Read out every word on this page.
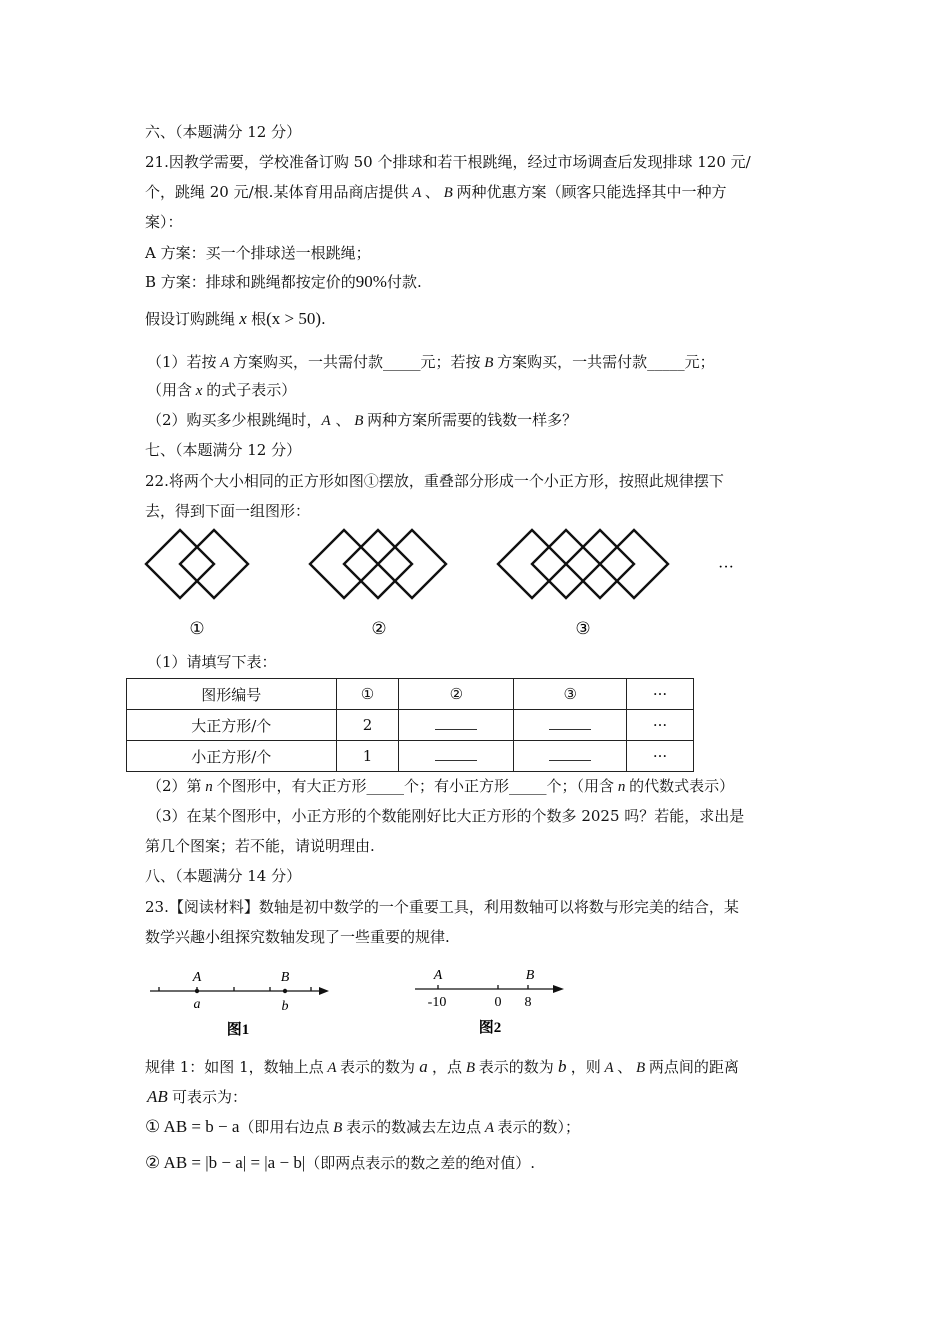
六、（本题满分 12 分）
21.因教学需要，学校准备订购 50 个排球和若干根跳绳，经过市场调查后发现排球 120 元/
个，跳绳 20 元/根.某体育用品商店提供 A 、 B 两种优惠方案（顾客只能选择其中一种方
案）：
A 方案：买一个排球送一根跳绳；
B 方案：排球和跳绳都按定价的90%付款.
假设订购跳绳 x 根(x > 50).
（1）若按 A 方案购买，一共需付款_____元；若按 B 方案购买，一共需付款_____元；
（用含 x 的式子表示）
（2）购买多少根跳绳时，A 、 B 两种方案所需要的钱数一样多？
七、（本题满分 12 分）
22.将两个大小相同的正方形如图①摆放，重叠部分形成一个小正方形，按照此规律摆下
去，得到下面一组图形：
···
①	②	③
（1）请填写下表：
图形编号	①	②	③	···
大正方形/个	2			···
小正方形/个	1			···
（2）第 n 个图形中，有大正方形_____个；有小正方形_____个；（用含 n 的代数式表示）
（3）在某个图形中，小正方形的个数能刚好比大正方形的个数多 2025 吗？若能，求出是
第几个图案；若不能，请说明理由.
八、（本题满分 14 分）
23.【阅读材料】数轴是初中数学的一个重要工具，利用数轴可以将数与形完美的结合，某
数学兴趣小组探究数轴发现了一些重要的规律.
A	B
a	b
图1
A	B
-10	0 8
图2
规律 1：如图 1，数轴上点 A 表示的数为 a ，点 B 表示的数为 b ，则 A 、 B 两点间的距离
AB 可表示为：
① AB = b − a（即用右边点 B 表示的数减去左边点 A 表示的数）；
② AB = |b − a| = |a − b|（即两点表示的数之差的绝对值）.
